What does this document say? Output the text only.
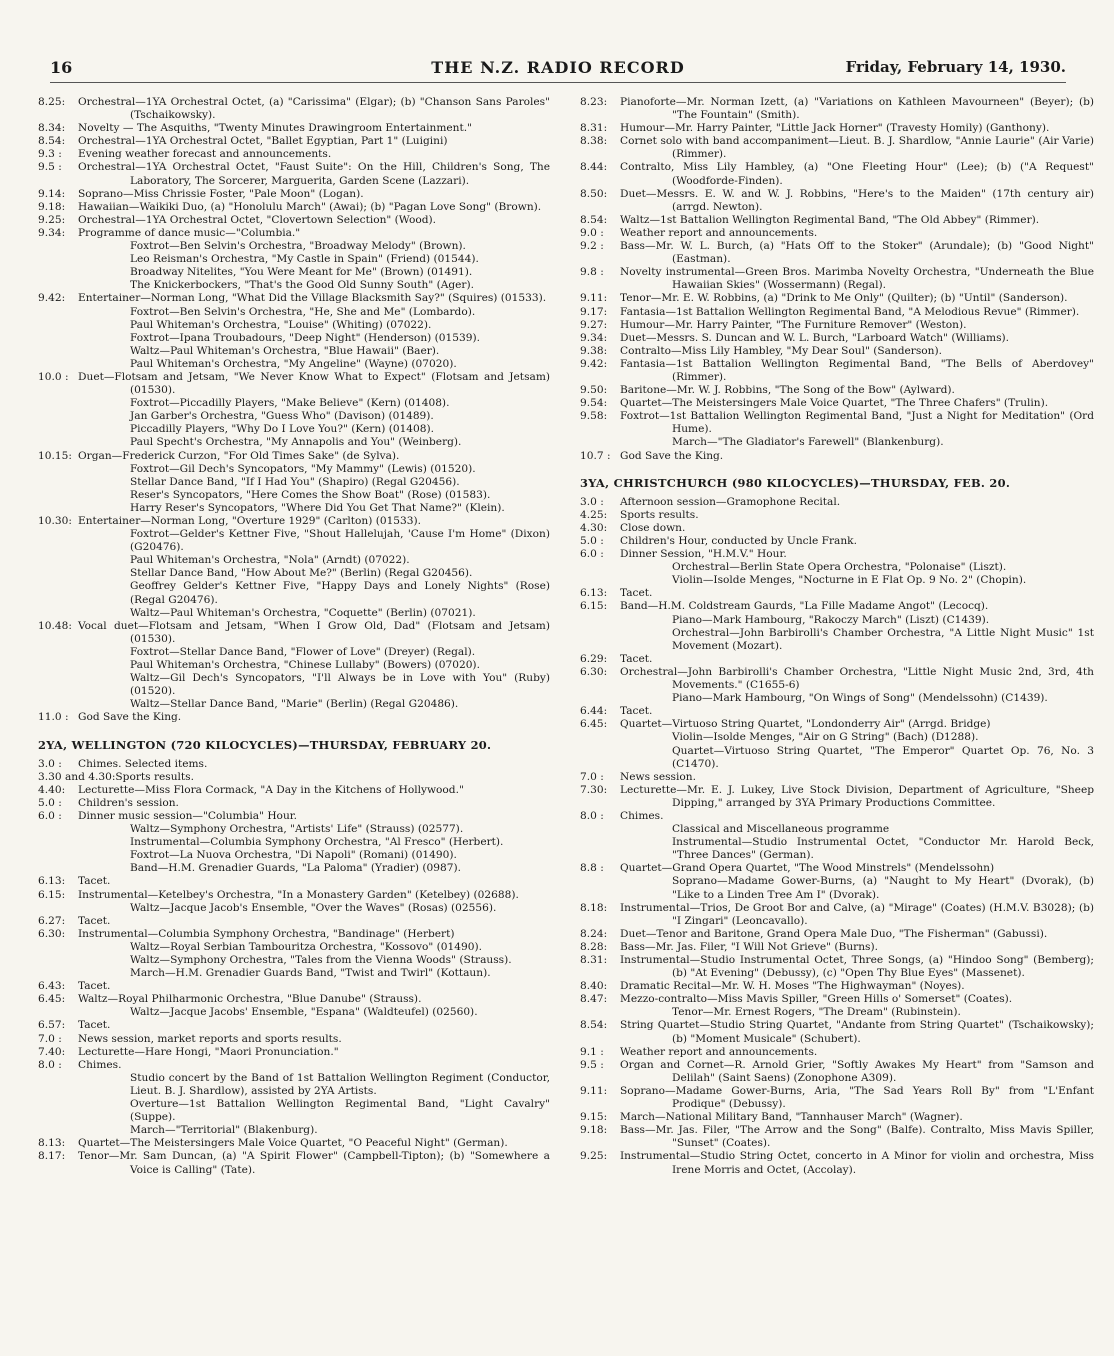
16	THE N.Z. RADIO RECORD	Friday, February 14, 1930.
8.25:	Orchestral—1YA Orchestral Octet, (a) "Carissima" (Elgar); (b) "Chanson Sans Paroles" (Tschaikowsky).
8.34:	Novelty — The Asquiths, "Twenty Minutes Drawingroom Entertainment."
8.54:	Orchestral—1YA Orchestral Octet, "Ballet Egyptian, Part 1" (Luigini)
9.3 :	Evening weather forecast and announcements.
9.5 :	Orchestral—1YA Orchestral Octet, "Faust Suite": On the Hill, Children's Song, The Laboratory, The Sorcerer, Marguerita, Garden Scene (Lazzari).
9.14:	Soprano—Miss Chrissie Foster, "Pale Moon" (Logan).
9.18:	Hawaiian—Waikiki Duo, (a) "Honolulu March" (Awai); (b) "Pagan Love Song" (Brown).
9.25:	Orchestral—1YA Orchestral Octet, "Clovertown Selection" (Wood).
9.34:	Programme of dance music—"Columbia."
Foxtrot—Ben Selvin's Orchestra, "Broadway Melody" (Brown).
Leo Reisman's Orchestra, "My Castle in Spain" (Friend) (01544).
Broadway Nitelites, "You Were Meant for Me" (Brown) (01491).
The Knickerbockers, "That's the Good Old Sunny South" (Ager).
9.42:	Entertainer—Norman Long, "What Did the Village Blacksmith Say?" (Squires) (01533).
Foxtrot—Ben Selvin's Orchestra, "He, She and Me" (Lombardo).
Paul Whiteman's Orchestra, "Louise" (Whiting) (07022).
Foxtrot—Ipana Troubadours, "Deep Night" (Henderson) (01539).
Waltz—Paul Whiteman's Orchestra, "Blue Hawaii" (Baer).
Paul Whiteman's Orchestra, "My Angeline" (Wayne) (07020).
10.0 : Duet—Flotsam and Jetsam, "We Never Know What to Expect" (Flotsam and Jetsam) (01530).
Foxtrot—Piccadilly Players, "Make Believe" (Kern) (01408).
Jan Garber's Orchestra, "Guess Who" (Davison) (01489).
Piccadilly Players, "Why Do I Love You?" (Kern) (01408).
Paul Specht's Orchestra, "My Annapolis and You" (Weinberg).
10.15: Organ—Frederick Curzon, "For Old Times Sake" (de Sylva).
Foxtrot—Gil Dech's Syncopators, "My Mammy" (Lewis) (01520).
Stellar Dance Band, "If I Had You" (Shapiro) (Regal G20456).
Reser's Syncopators, "Here Comes the Show Boat" (Rose) (01583).
Harry Reser's Syncopators, "Where Did You Get That Name?" (Klein).
10.30: Entertainer—Norman Long, "Overture 1929" (Carlton) (01533).
Foxtrot—Gelder's Kettner Five, "Shout Hallelujah, 'Cause I'm Home" (Dixon) (G20476).
Paul Whiteman's Orchestra, "Nola" (Arndt) (07022).
Stellar Dance Band, "How About Me?" (Berlin) (Regal G20456).
Geoffrey Gelder's Kettner Five, "Happy Days and Lonely Nights" (Rose) (Regal G20476).
Waltz—Paul Whiteman's Orchestra, "Coquette" (Berlin) (07021).
10.48: Vocal duet—Flotsam and Jetsam, "When I Grow Old, Dad" (Flotsam and Jetsam) (01530).
Foxtrot—Stellar Dance Band, "Flower of Love" (Dreyer) (Regal).
Paul Whiteman's Orchestra, "Chinese Lullaby" (Bowers) (07020).
Waltz—Gil Dech's Syncopators, "I'll Always be in Love with You" (Ruby) (01520).
Waltz—Stellar Dance Band, "Marie" (Berlin) (Regal G20486).
11.0 : God Save the King.
2YA, WELLINGTON (720 KILOCYCLES)—THURSDAY, FEBRUARY 20.
3.0 :	Chimes. Selected items.
3.30 and 4.30: Sports results.
4.40:	Lecturette—Miss Flora Cormack, "A Day in the Kitchens of Hollywood."
5.0 :	Children's session.
6.0 :	Dinner music session—"Columbia" Hour.
Waltz—Symphony Orchestra, "Artists' Life" (Strauss) (02577).
Instrumental—Columbia Symphony Orchestra, "Al Fresco" (Herbert).
Foxtrot—La Nuova Orchestra, "Di Napoli" (Romani) (01490).
Band—H.M. Grenadier Guards, "La Paloma" (Yradier) (0987).
6.13:	Tacet.
6.15:	Instrumental—Ketelbey's Orchestra, "In a Monastery Garden" (Ketelbey) (02688).
Waltz—Jacque Jacob's Ensemble, "Over the Waves" (Rosas) (02556).
6.27:	Tacet.
6.30:	Instrumental—Columbia Symphony Orchestra, "Bandinage" (Herbert)
Waltz—Royal Serbian Tambouritza Orchestra, "Kossovo" (01490).
Waltz—Symphony Orchestra, "Tales from the Vienna Woods" (Strauss).
March—H.M. Grenadier Guards Band, "Twist and Twirl" (Kottaun).
6.43:	Tacet.
6.45:	Waltz—Royal Philharmonic Orchestra, "Blue Danube" (Strauss).
Waltz—Jacque Jacobs' Ensemble, "Espana" (Waldteufel) (02560).
6.57:	Tacet.
7.0 :	News session, market reports and sports results.
7.40:	Lecturette—Hare Hongi, "Maori Pronunciation."
8.0 :	Chimes.
Studio concert by the Band of 1st Battalion Wellington Regiment (Conductor, Lieut. B. J. Shardlow), assisted by 2YA Artists.
Overture—1st Battalion Wellington Regimental Band, "Light Cavalry" (Suppe).
March—"Territorial" (Blakenburg).
8.13:	Quartet—The Meistersingers Male Voice Quartet, "O Peaceful Night" (German).
8.17:	Tenor—Mr. Sam Duncan, (a) "A Spirit Flower" (Campbell-Tipton); (b) "Somewhere a Voice is Calling" (Tate).
8.23:	Pianoforte—Mr. Norman Izett, (a) "Variations on Kathleen Mavourneen" (Beyer); (b) "The Fountain" (Smith).
8.31:	Humour—Mr. Harry Painter, "Little Jack Horner" (Travesty Homily) (Ganthony).
8.38:	Cornet solo with band accompaniment—Lieut. B. J. Shardlow, "Annie Laurie" (Air Varie) (Rimmer).
8.44:	Contralto, Miss Lily Hambley, (a) "One Fleeting Hour" (Lee); (b) ("A Request" (Woodforde-Finden).
8.50:	Duet—Messrs. E. W. and W. J. Robbins, "Here's to the Maiden" (17th century air) (arrgd. Newton).
8.54:	Waltz—1st Battalion Wellington Regimental Band, "The Old Abbey" (Rimmer).
9.0 :	Weather report and announcements.
9.2 :	Bass—Mr. W. L. Burch, (a) "Hats Off to the Stoker" (Arundale); (b) "Good Night" (Eastman).
9.8 :	Novelty instrumental—Green Bros. Marimba Novelty Orchestra, "Underneath the Blue Hawaiian Skies" (Wossermann) (Regal).
9.11:	Tenor—Mr. E. W. Robbins, (a) "Drink to Me Only" (Quilter); (b) "Until" (Sanderson).
9.17:	Fantasia—1st Battalion Wellington Regimental Band, "A Melodious Revue" (Rimmer).
9.27:	Humour—Mr. Harry Painter, "The Furniture Remover" (Weston).
9.34:	Duet—Messrs. S. Duncan and W. L. Burch, "Larboard Watch" (Williams).
9.38:	Contralto—Miss Lily Hambley, "My Dear Soul" (Sanderson).
9.42:	Fantasia—1st Battalion Wellington Regimental Band, "The Bells of Aberdovey" (Rimmer).
9.50:	Baritone—Mr. W. J. Robbins, "The Song of the Bow" (Aylward).
9.54:	Quartet—The Meistersingers Male Voice Quartet, "The Three Chafers" (Trulin).
9.58:	Foxtrot—1st Battalion Wellington Regimental Band, "Just a Night for Meditation" (Ord Hume).
March—"The Gladiator's Farewell" (Blankenburg).
10.7 : God Save the King.
3YA, CHRISTCHURCH (980 KILOCYCLES)—THURSDAY, FEB. 20.
3.0 :	Afternoon session—Gramophone Recital.
4.25:	Sports results.
4.30:	Close down.
5.0 :	Children's Hour, conducted by Uncle Frank.
6.0 :	Dinner Session, "H.M.V." Hour.
Orchestral—Berlin State Opera Orchestra, "Polonaise" (Liszt).
Violin—Isolde Menges, "Nocturne in E Flat Op. 9 No. 2" (Chopin).
6.13:	Tacet.
6.15:	Band—H.M. Coldstream Gaurds, "La Fille Madame Angot" (Lecocq).
Piano—Mark Hambourg, "Rakoczy March" (Liszt) (C1439).
Orchestral—John Barbirolli's Chamber Orchestra, "A Little Night Music" 1st Movement (Mozart).
6.29:	Tacet.
6.30:	Orchestral—John Barbirolli's Chamber Orchestra, "Little Night Music 2nd, 3rd, 4th Movements." (C1655-6)
Piano—Mark Hambourg, "On Wings of Song" (Mendelssohn) (C1439).
6.44:	Tacet.
6.45:	Quartet—Virtuoso String Quartet, "Londonderry Air" (Arrgd. Bridge)
Violin—Isolde Menges, "Air on G String" (Bach) (D1288).
Quartet—Virtuoso String Quartet, "The Emperor" Quartet Op. 76, No. 3 (C1470).
7.0 :	News session.
7.30:	Lecturette—Mr. E. J. Lukey, Live Stock Division, Department of Agriculture, "Sheep Dipping," arranged by 3YA Primary Productions Committee.
8.0 :	Chimes.
Classical and Miscellaneous programme
Instrumental—Studio Instrumental Octet, "Conductor Mr. Harold Beck, "Three Dances" (German).
8.8 :	Quartet—Grand Opera Quartet, "The Wood Minstrels" (Mendelssohn)
Soprano—Madame Gower-Burns, (a) "Naught to My Heart" (Dvorak), (b) "Like to a Linden Tree Am I" (Dvorak).
8.18:	Instrumental—Trios, De Groot Bor and Calve, (a) "Mirage" (Coates) (H.M.V. B3028); (b) "I Zingari" (Leoncavallo).
8.24:	Duet—Tenor and Baritone, Grand Opera Male Duo, "The Fisherman" (Gabussi).
8.28:	Bass—Mr. Jas. Filer, "I Will Not Grieve" (Burns).
8.31:	Instrumental—Studio Instrumental Octet, Three Songs, (a) "Hindoo Song" (Bemberg); (b) "At Evening" (Debussy), (c) "Open Thy Blue Eyes" (Massenet).
8.40:	Dramatic Recital—Mr. W. H. Moses "The Highwayman" (Noyes).
8.47:	Mezzo-contralto—Miss Mavis Spiller, "Green Hills o' Somerset" (Coates).
Tenor—Mr. Ernest Rogers, "The Dream" (Rubinstein).
8.54:	String Quartet—Studio String Quartet, "Andante from String Quartet" (Tschaikowsky); (b) "Moment Musicale" (Schubert).
9.1 :	Weather report and announcements.
9.5 :	Organ and Cornet—R. Arnold Grier, "Softly Awakes My Heart" from "Samson and Delilah" (Saint Saens) (Zonophone A309).
9.11:	Soprano—Madame Gower-Burns, Aria, "The Sad Years Roll By" from "L'Enfant Prodique" (Debussy).
9.15:	March—National Military Band, "Tannhauser March" (Wagner).
9.18:	Bass—Mr. Jas. Filer, "The Arrow and the Song" (Balfe). Contralto, Miss Mavis Spiller, "Sunset" (Coates).
9.25:	Instrumental—Studio String Octet, concerto in A Minor for violin and orchestra, Miss Irene Morris and Octet, (Accolay).
